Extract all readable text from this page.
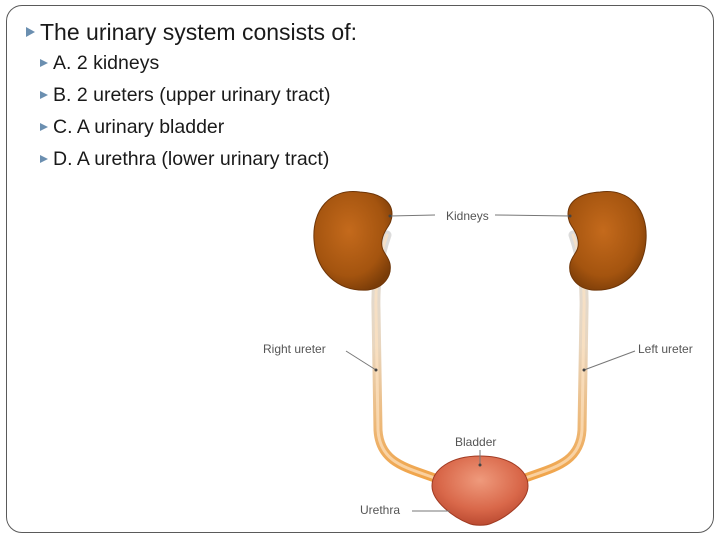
The urinary system consists of:
A. 2 kidneys
B. 2 ureters (upper urinary tract)
C. A urinary bladder
D. A urethra (lower urinary tract)
Kidneys
Right ureter	Left ureter
Bladder
Urethra
